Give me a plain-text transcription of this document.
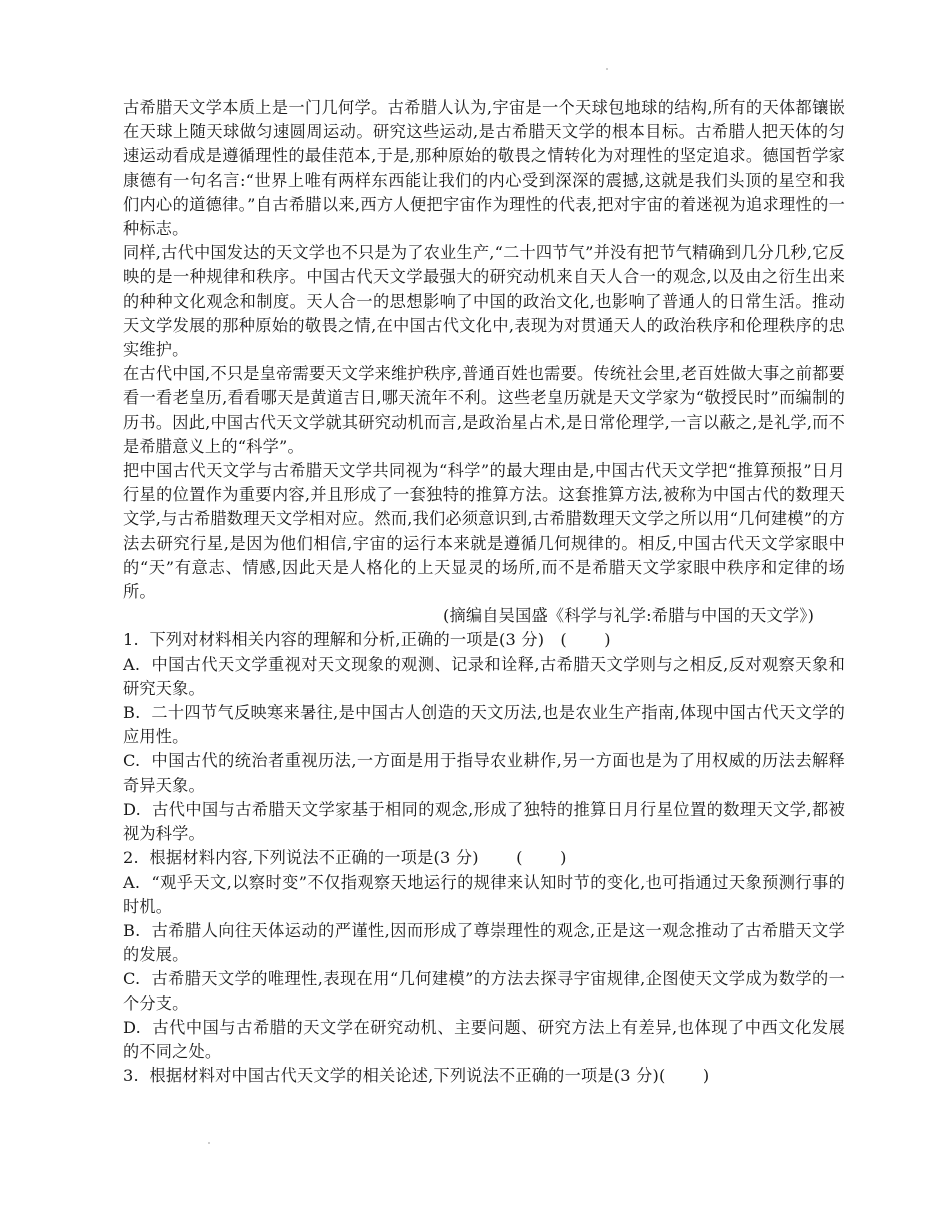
古希腊天文学本质上是一门几何学。古希腊人认为,宇宙是一个天球包地球的结构,所有的天体都镶嵌在天球上随天球做匀速圆周运动。研究这些运动,是古希腊天文学的根本目标。古希腊人把天体的匀速运动看成是遵循理性的最佳范本,于是,那种原始的敬畏之情转化为对理性的坚定追求。德国哲学家康德有一句名言:“世界上唯有两样东西能让我们的内心受到深深的震撼,这就是我们头顶的星空和我们内心的道德律。”自古希腊以来,西方人便把宇宙作为理性的代表,把对宇宙的着迷视为追求理性的一种标志。

同样,古代中国发达的天文学也不只是为了农业生产,“二十四节气”并没有把节气精确到几分几秒,它反映的是一种规律和秩序。中国古代天文学最强大的研究动机来自天人合一的观念,以及由之衍生出来的种种文化观念和制度。天人合一的思想影响了中国的政治文化,也影响了普通人的日常生活。推动天文学发展的那种原始的敬畏之情,在中国古代文化中,表现为对贯通天人的政治秩序和伦理秩序的忠实维护。

在古代中国,不只是皇帝需要天文学来维护秩序,普通百姓也需要。传统社会里,老百姓做大事之前都要看一看老皇历,看看哪天是黄道吉日,哪天流年不利。这些老皇历就是天文学家为“敬授民时”而编制的历书。因此,中国古代天文学就其研究动机而言,是政治星占术,是日常伦理学,一言以蔽之,是礼学,而不是希腊意义上的“科学”。

把中国古代天文学与古希腊天文学共同视为“科学”的最大理由是,中国古代天文学把“推算预报”日月行星的位置作为重要内容,并且形成了一套独特的推算方法。这套推算方法,被称为中国古代的数理天文学,与古希腊数理天文学相对应。然而,我们必须意识到,古希腊数理天文学之所以用“几何建模”的方法去研究行星,是因为他们相信,宇宙的运行本来就是遵循几何规律的。相反,中国古代天文学家眼中的“天”有意志、情感,因此天是人格化的上天显灵的场所,而不是希腊天文学家眼中秩序和定律的场所。

(摘编自吴国盛《科学与礼学:希腊与中国的天文学》)

1.  下列对材料相关内容的理解和分析,正确的一项是(3 分)   (       )

A.  中国古代天文学重视对天文现象的观测、记录和诠释,古希腊天文学则与之相反,反对观察天象和研究天象。

B.  二十四节气反映寒来暑往,是中国古人创造的天文历法,也是农业生产指南,体现中国古代天文学的应用性。

C.  中国古代的统治者重视历法,一方面是用于指导农业耕作,另一方面也是为了用权威的历法去解释奇异天象。

D.  古代中国与古希腊天文学家基于相同的观念,形成了独特的推算日月行星位置的数理天文学,都被视为科学。

2.  根据材料内容,下列说法不正确的一项是(3 分)       (       )

A.  “观乎天文,以察时变”不仅指观察天地运行的规律来认知时节的变化,也可指通过天象预测行事的时机。

B.  古希腊人向往天体运动的严谨性,因而形成了尊崇理性的观念,正是这一观念推动了古希腊天文学的发展。

C.  古希腊天文学的唯理性,表现在用“几何建模”的方法去探寻宇宙规律,企图使天文学成为数学的一个分支。

D.  古代中国与古希腊的天文学在研究动机、主要问题、研究方法上有差异,也体现了中西文化发展的不同之处。

3.  根据材料对中国古代天文学的相关论述,下列说法不正确的一项是(3 分)(       )
